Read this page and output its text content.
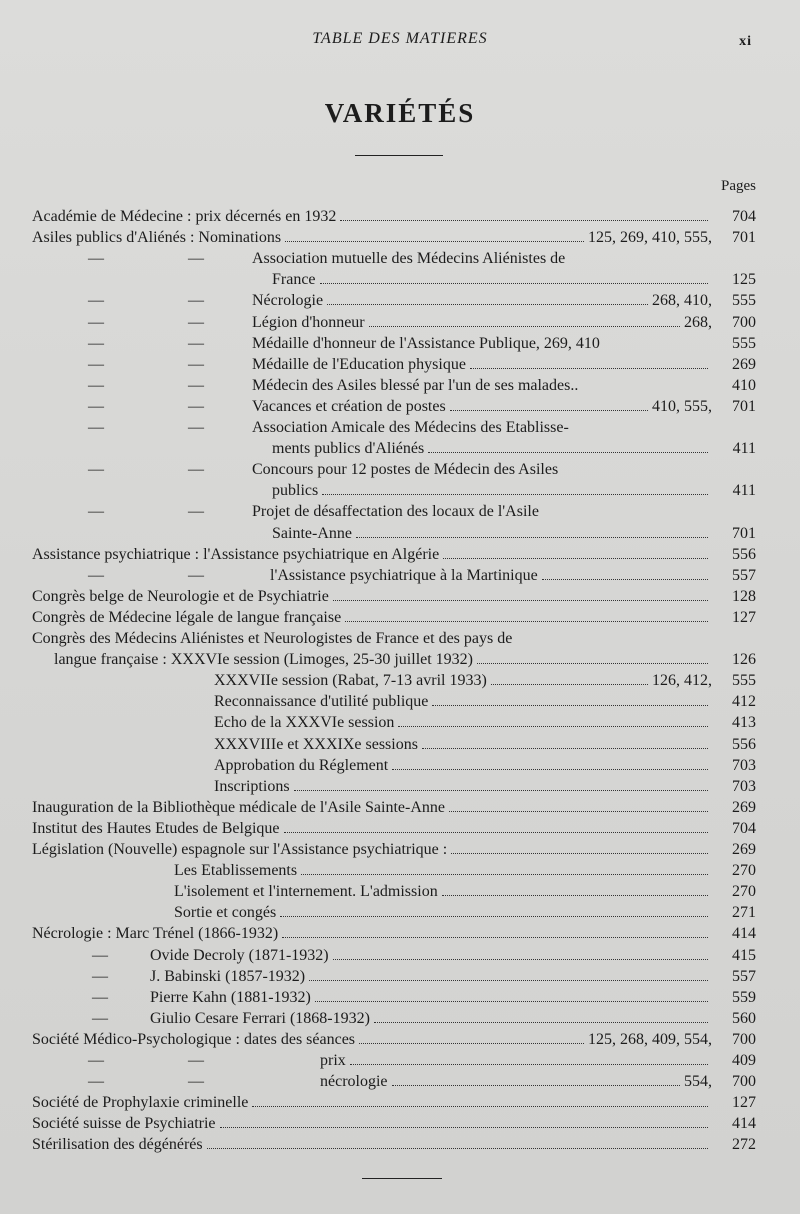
TABLE DES MATIERES	xi
VARIÉTÉS
Pages
Académie de Médecine : prix décernés en 1932	704
Asiles publics d'Aliénés : Nominations	125, 269, 410, 555, 701
—	—	Association mutuelle des Médecins Aliénistes de
France	125
—	—	Nécrologie	268, 410, 555
—	—	Légion d'honneur	268, 700
—	—	Médaille d'honneur de l'Assistance Publique, 269, 410	555
—	—	Médaille de l'Education physique	269
—	—	Médecin des Asiles blessé par l'un de ses malades..	410
—	—	Vacances et création de postes	410, 555, 701
—	—	Association Amicale des Médecins des Etablisse-
ments publics d'Aliénés	411
—	—	Concours pour 12 postes de Médecin des Asiles
publics	411
—	—	Projet de désaffectation des locaux de l'Asile
Sainte-Anne	701
Assistance psychiatrique : l'Assistance psychiatrique en Algérie	556
—	—	l'Assistance psychiatrique à la Martinique	557
Congrès belge de Neurologie et de Psychiatrie	128
Congrès de Médecine légale de langue française	127
Congrès des Médecins Aliénistes et Neurologistes de France et des pays de
langue française : XXXVIe session (Limoges, 25-30 juillet 1932)	126
XXXVIIe session (Rabat, 7-13 avril 1933)	126, 412, 555
Reconnaissance d'utilité publique	412
Echo de la XXXVIe session	413
XXXVIIIe et XXXIXe sessions	556
Approbation du Réglement	703
Inscriptions	703
Inauguration de la Bibliothèque médicale de l'Asile Sainte-Anne	269
Institut des Hautes Etudes de Belgique	704
Législation (Nouvelle) espagnole sur l'Assistance psychiatrique :	269
Les Etablissements	270
L'isolement et l'internement. L'admission	270
Sortie et congés	271
Nécrologie : Marc Trénel (1866-1932)	414
—	Ovide Decroly (1871-1932)	415
—	J. Babinski (1857-1932)	557
—	Pierre Kahn (1881-1932)	559
—	Giulio Cesare Ferrari (1868-1932)	560
Société Médico-Psychologique : dates des séances	125, 268, 409, 554, 700
—	—	prix	409
—	—	nécrologie	554, 700
Société de Prophylaxie criminelle	127
Société suisse de Psychiatrie	414
Stérilisation des dégénérés	272
